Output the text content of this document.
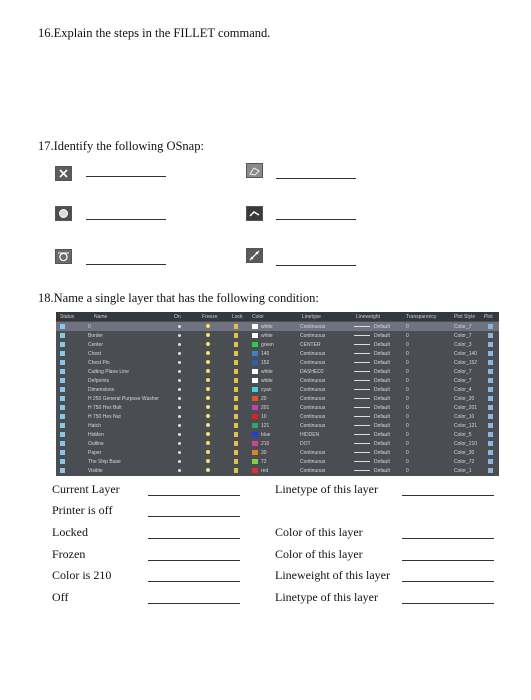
16.Explain the steps in the FILLET command.
17.Identify the following OSnap:
18.Name a single layer that has the following condition:
Status	Name	On	Freeze	Lock Color	Linetype	Lineweight	Transparency	Plot Style Plot
0	white	Continuous	Default	0	Color_7
Border	white	Continuous	Default	0	Color_7
Center	green	CENTER	Default	0	Color_3
Chest	140	Continuous	Default	0	Color_140
Chest Pin	152	Continuous	Default	0	Color_152
Cutting Plane Line	white	DASHED2	Default	0	Color_7
Defpoints	white	Continuous	Default	0	Color_7
Dimensions	cyan	Continuous	Default	0	Color_4
H 250 General Purpose Washer	20	Continuous	Default	0	Color_20
H 750 Hex Bolt	201	Continuous	Default	0	Color_201
H 750 Hex Nut	10	Continuous	Default	0	Color_10
Hatch	121	Continuous	Default	0	Color_121
Hidden	blue	HIDDEN	Default	0	Color_5
Outline	210	DOT	Default	0	Color_210
Paper	30	Continuous	Default	0	Color_30
The Ship Base	72	Continuous	Default	0	Color_72
Visible	red	Continuous	Default	0	Color_1
Current Layer
Printer is off
Locked
Frozen
Color is 210
Off
Linetype of this layer
Color of this layer
Color of this layer
Lineweight of this layer
Linetype of this layer
